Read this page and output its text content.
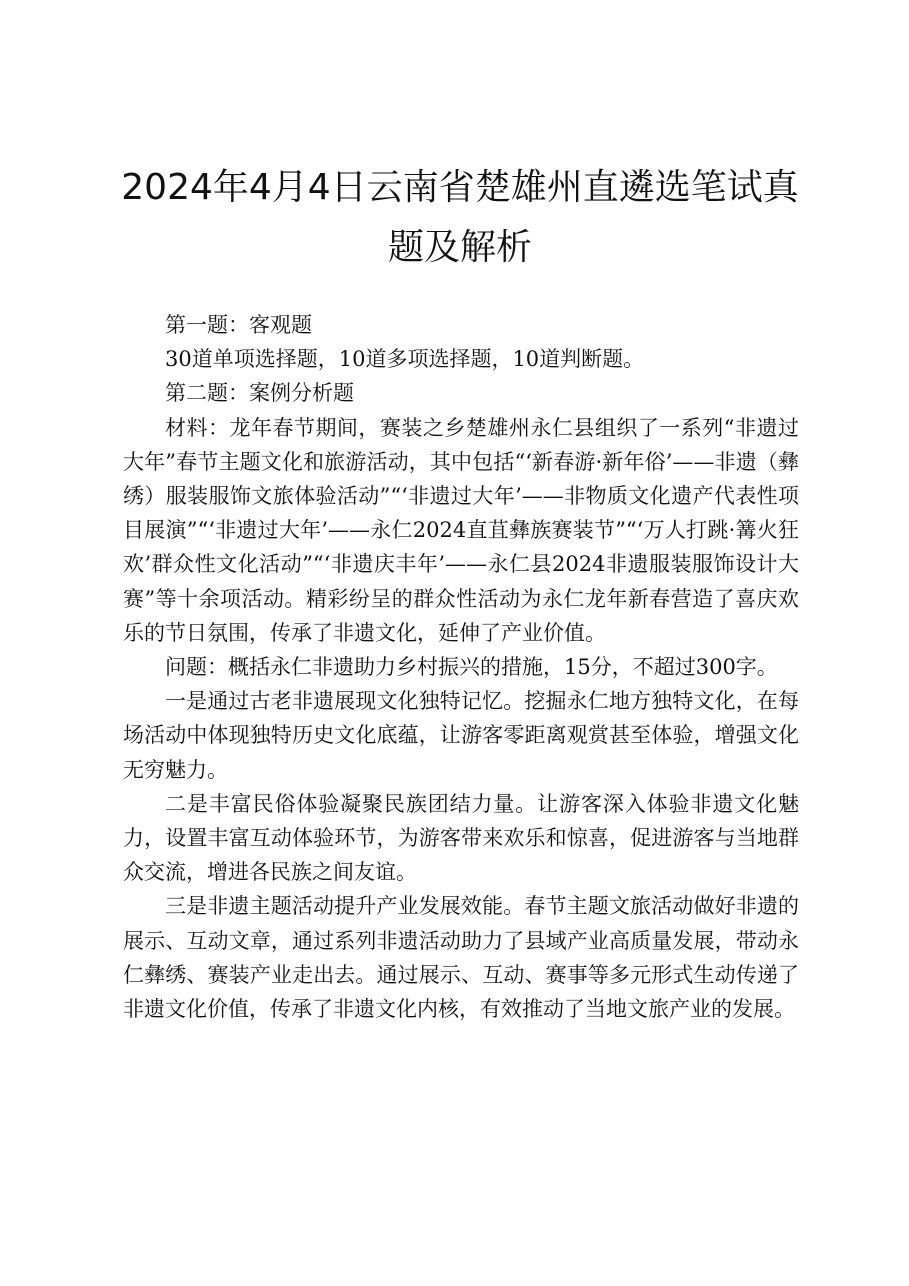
2024年4月4日云南省楚雄州直遴选笔试真题及解析

第一题：客观题

30道单项选择题，10道多项选择题，10道判断题。

第二题：案例分析题

材料：龙年春节期间，赛装之乡楚雄州永仁县组织了一系列“非遗过大年”春节主题文化和旅游活动，其中包括“‘新春游·新年俗’——非遗（彝绣）服装服饰文旅体验活动”“‘非遗过大年’——非物质文化遗产代表性项目展演”“‘非遗过大年’——永仁2024直苴彝族赛装节”“‘万人打跳·篝火狂欢’群众性文化活动”“‘非遗庆丰年’——永仁县2024非遗服装服饰设计大赛”等十余项活动。精彩纷呈的群众性活动为永仁龙年新春营造了喜庆欢乐的节日氛围，传承了非遗文化，延伸了产业价值。

问题：概括永仁非遗助力乡村振兴的措施，15分，不超过300字。

一是通过古老非遗展现文化独特记忆。挖掘永仁地方独特文化，在每场活动中体现独特历史文化底蕴，让游客零距离观赏甚至体验，增强文化无穷魅力。

二是丰富民俗体验凝聚民族团结力量。让游客深入体验非遗文化魅力，设置丰富互动体验环节，为游客带来欢乐和惊喜，促进游客与当地群众交流，增进各民族之间友谊。

三是非遗主题活动提升产业发展效能。春节主题文旅活动做好非遗的展示、互动文章，通过系列非遗活动助力了县域产业高质量发展，带动永仁彝绣、赛装产业走出去。通过展示、互动、赛事等多元形式生动传递了非遗文化价值，传承了非遗文化内核，有效推动了当地文旅产业的发展。
